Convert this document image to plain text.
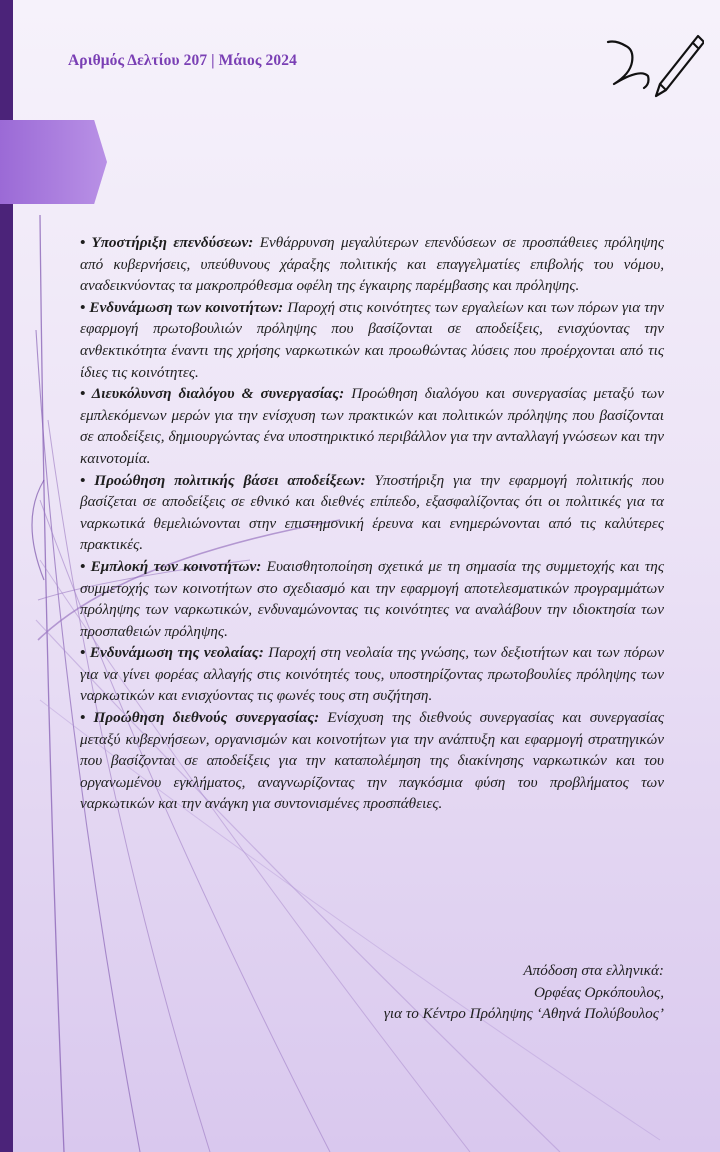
Αριθμός Δελτίου 207 | Μάιος 2024

• Υποστήριξη επενδύσεων: Ενθάρρυνση μεγαλύτερων επενδύσεων σε προσπάθειες πρόληψης από κυβερνήσεις, υπεύθυνους χάραξης πολιτικής και επαγγελματίες επιβολής του νόμου, αναδεικνύοντας τα μακροπρόθεσμα οφέλη της έγκαιρης παρέμβασης και πρόληψης.

• Ενδυνάμωση των κοινοτήτων: Παροχή στις κοινότητες των εργαλείων και των πόρων για την εφαρμογή πρωτοβουλιών πρόληψης που βασίζονται σε αποδείξεις, ενισχύοντας την ανθεκτικότητα έναντι της χρήσης ναρκωτικών και προωθώντας λύσεις που προέρχονται από τις ίδιες τις κοινότητες.

• Διευκόλυνση διαλόγου & συνεργασίας: Προώθηση διαλόγου και συνεργασίας μεταξύ των εμπλεκόμενων μερών για την ενίσχυση των πρακτικών και πολιτικών πρόληψης που βασίζονται σε αποδείξεις, δημιουργώντας ένα υποστηρικτικό περιβάλλον για την ανταλλαγή γνώσεων και την καινοτομία.

• Προώθηση πολιτικής βάσει αποδείξεων: Υποστήριξη για την εφαρμογή πολιτικής που βασίζεται σε αποδείξεις σε εθνικό και διεθνές επίπεδο, εξασφαλίζοντας ότι οι πολιτικές για τα ναρκωτικά θεμελιώνονται στην επιστημονική έρευνα και ενημερώνονται από τις καλύτερες πρακτικές.

• Εμπλοκή των κοινοτήτων: Ευαισθητοποίηση σχετικά με τη σημασία της συμμετοχής και της συμμετοχής των κοινοτήτων στο σχεδιασμό και την εφαρμογή αποτελεσματικών προγραμμάτων πρόληψης των ναρκωτικών, ενδυναμώνοντας τις κοινότητες να αναλάβουν την ιδιοκτησία των προσπαθειών πρόληψης.

• Ενδυνάμωση της νεολαίας: Παροχή στη νεολαία της γνώσης, των δεξιοτήτων και των πόρων για να γίνει φορέας αλλαγής στις κοινότητές τους, υποστηρίζοντας πρωτοβουλίες πρόληψης των ναρκωτικών και ενισχύοντας τις φωνές τους στη συζήτηση.

• Προώθηση διεθνούς συνεργασίας: Ενίσχυση της διεθνούς συνεργασίας και συνεργασίας μεταξύ κυβερνήσεων, οργανισμών και κοινοτήτων για την ανάπτυξη και εφαρμογή στρατηγικών που βασίζονται σε αποδείξεις για την καταπολέμηση της διακίνησης ναρκωτικών και του οργανωμένου εγκλήματος, αναγνωρίζοντας την παγκόσμια φύση του προβλήματος των ναρκωτικών και την ανάγκη για συντονισμένες προσπάθειες.

Απόδοση στα ελληνικά:
Ορφέας Ορκόπουλος,
για το Κέντρο Πρόληψης ‘Αθηνά Πολύβουλος’
